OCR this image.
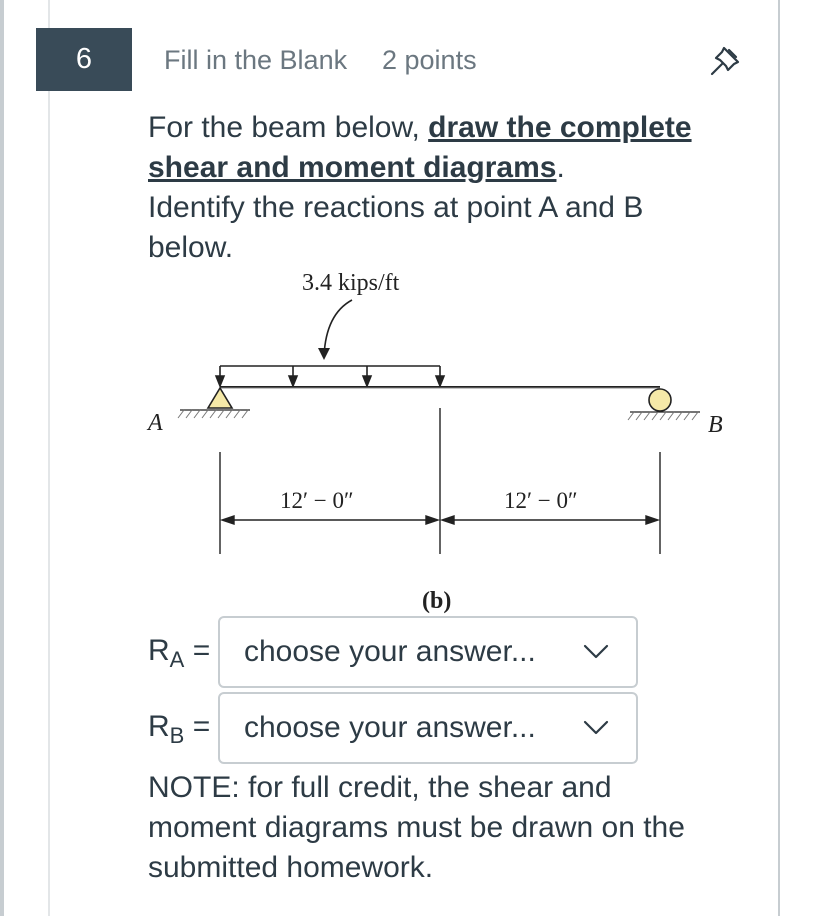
6	Fill in the Blank 2 points
For the beam below, draw the complete
shear and moment diagrams.
Identify the reactions at point A and B
below.
3.4 kips/ft
A	B
12′ − 0″	12′ − 0″
(b)
$R_A$ = choose your answer...
$R_B$ = choose your answer...
NOTE: for full credit, the shear and
moment diagrams must be drawn on the
submitted homework.
